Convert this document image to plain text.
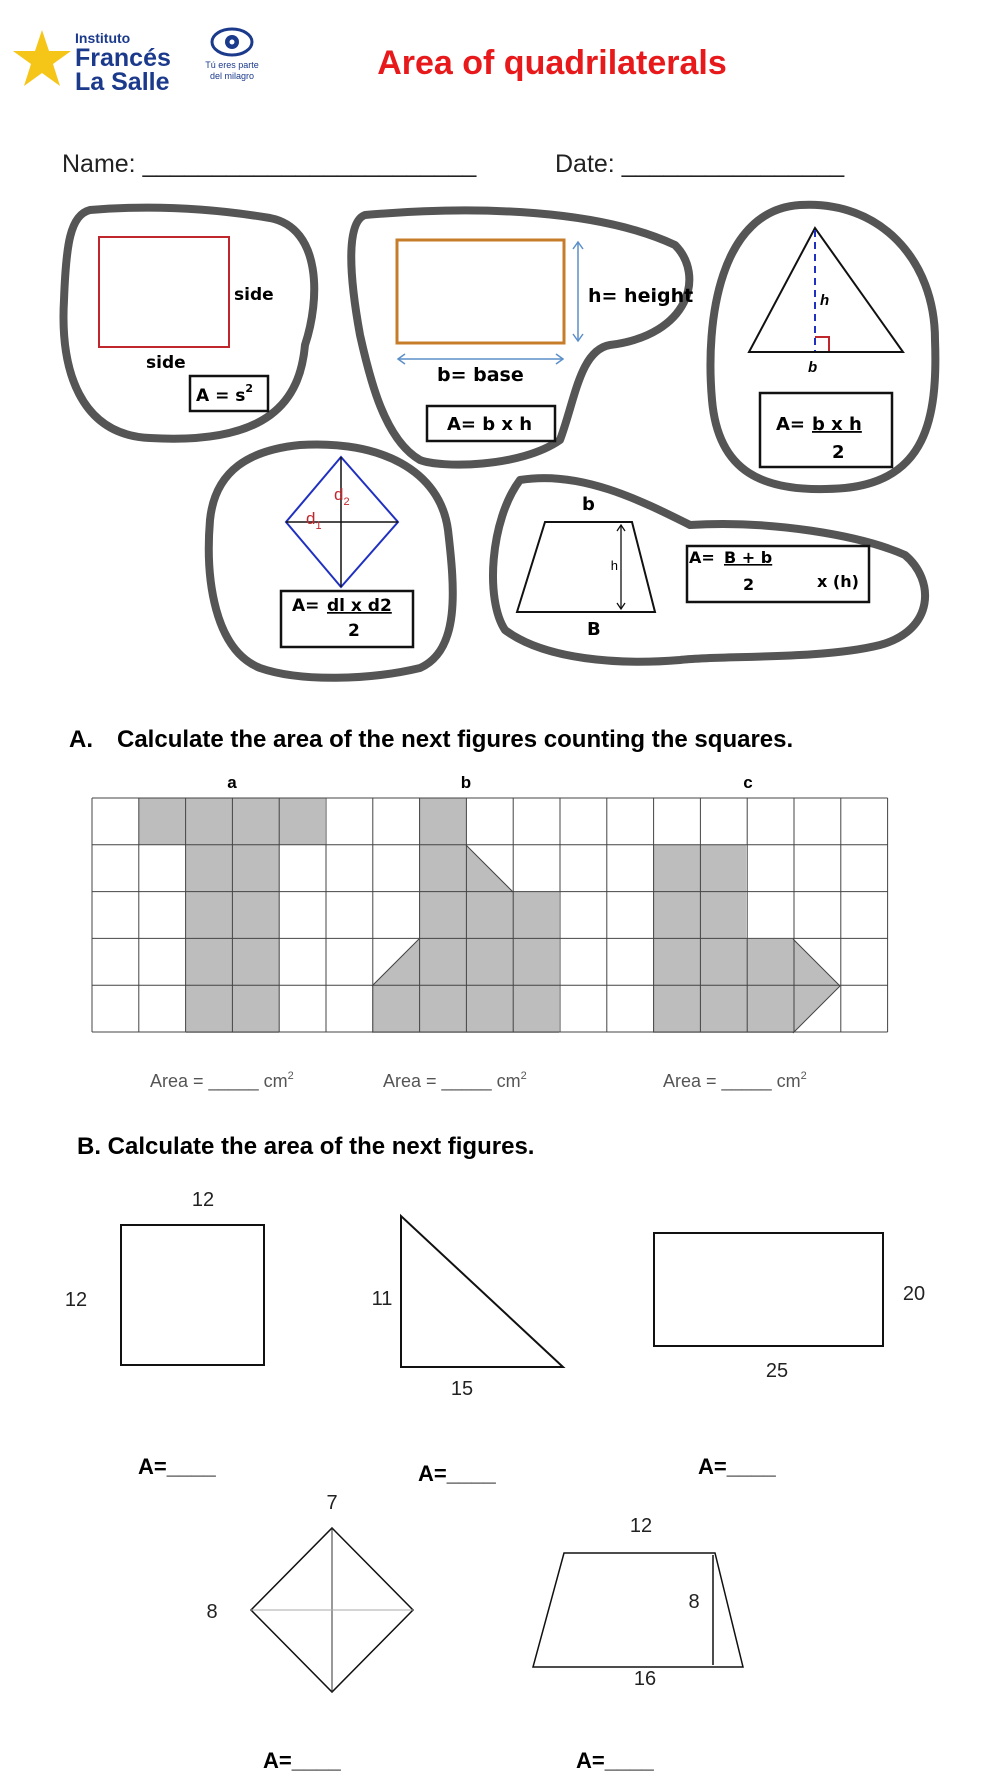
Instituto
Francés
La Salle
Tú eres parte
del milagro	Area of quadrilaterals
Name: ________________________	Date: ________________
side
side
$A = s^2$
h= height
b= base
A= b x h
h
b
A= b x h
2
$d_2$
$d_1$
A= dl x d2
2
b
h
B
A= B + b
2	x (h)
A. Calculate the area of the next figures counting the squares.
a	b	c
Area = _____ $cm^2$	Area = _____ $cm^2$	Area = _____ $cm^2$
B. Calculate the area of the next figures.
12
12
A=____
11
15
A=____
20
25
A=____
7
8
A=____
12
8
16
A=____
